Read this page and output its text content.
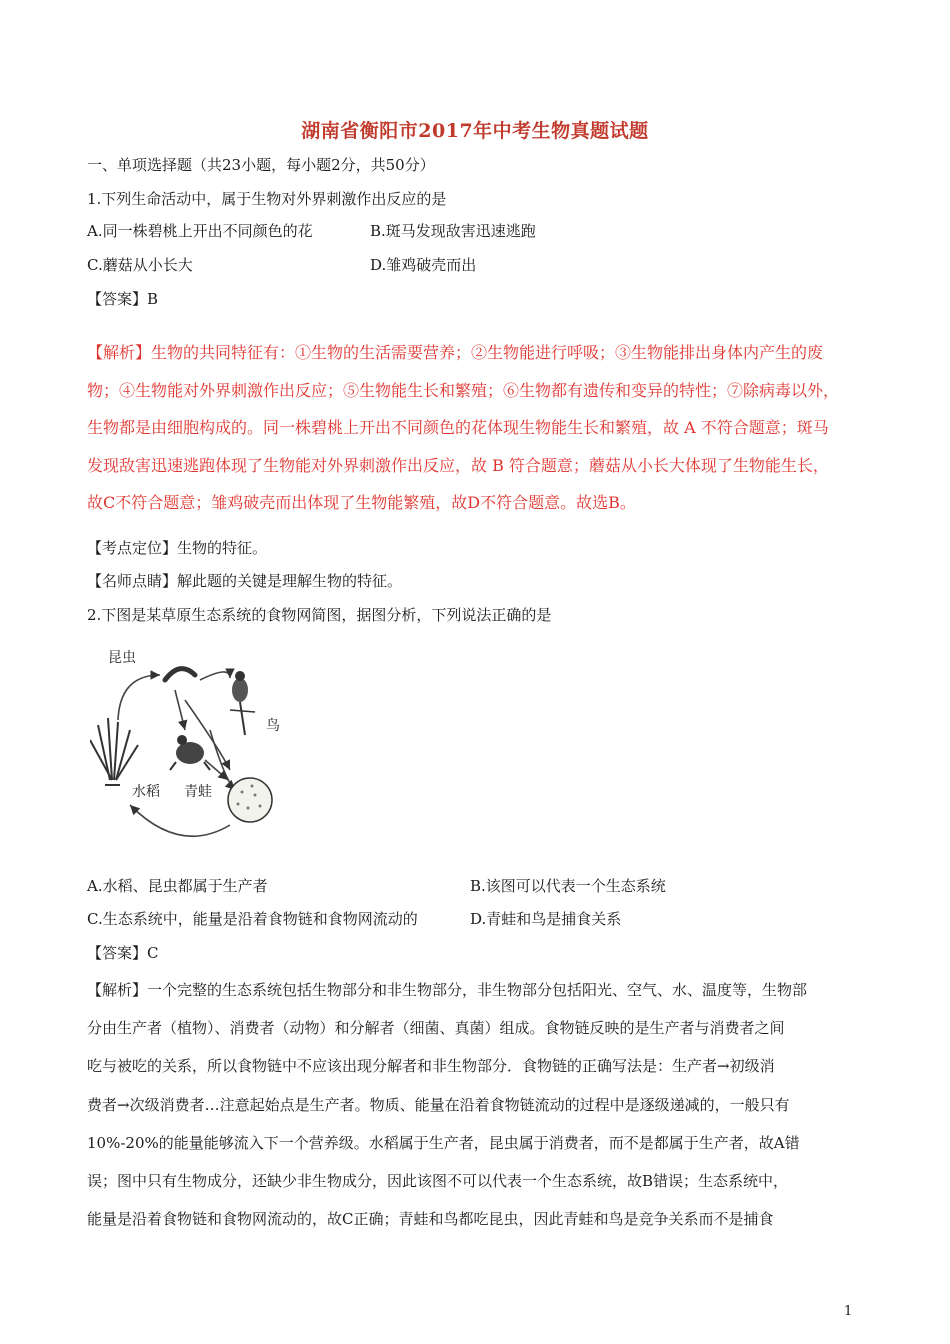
湖南省衡阳市2017年中考生物真题试题
一、单项选择题（共23小题，每小题2分，共50分）
1.下列生命活动中，属于生物对外界刺激作出反应的是
A.同一株碧桃上开出不同颜色的花	B.斑马发现敌害迅速逃跑
C.蘑菇从小长大	D.雏鸡破壳而出
【答案】B

【解析】生物的共同特征有：①生物的生活需要营养；②生物能进行呼吸；③生物能排出身体内产生的废

物；④生物能对外界刺激作出反应；⑤生物能生长和繁殖；⑥生物都有遗传和变异的特性；⑦除病毒以外，

生物都是由细胞构成的。同一株碧桃上开出不同颜色的花体现生物能生长和繁殖，故 A 不符合题意；斑马

发现敌害迅速逃跑体现了生物能对外界刺激作出反应，故 B 符合题意；蘑菇从小长大体现了生物能生长，

故C不符合题意；雏鸡破壳而出体现了生物能繁殖，故D不符合题意。故选B。

【考点定位】生物的特征。
【名师点睛】解此题的关键是理解生物的特征。
2.下图是某草原生态系统的食物网简图，据图分析，下列说法正确的是
昆虫
鸟
水稻 青蛙
A.水稻、昆虫都属于生产者	B.该图可以代表一个生态系统
C.生态系统中，能量是沿着食物链和食物网流动的	D.青蛙和鸟是捕食关系
【答案】C

【解析】一个完整的生态系统包括生物部分和非生物部分，非生物部分包括阳光、空气、水、温度等，生物部

分由生产者（植物）、消费者（动物）和分解者（细菌、真菌）组成。食物链反映的是生产者与消费者之间

吃与被吃的关系，所以食物链中不应该出现分解者和非生物部分．食物链的正确写法是：生产者→初级消

费者→次级消费者…注意起始点是生产者。物质、能量在沿着食物链流动的过程中是逐级递减的，一般只有

10%-20%的能量能够流入下一个营养级。水稻属于生产者，昆虫属于消费者，而不是都属于生产者，故A错

误；图中只有生物成分，还缺少非生物成分，因此该图不可以代表一个生态系统，故B错误；生态系统中，

能量是沿着食物链和食物网流动的，故C正确；青蛙和鸟都吃昆虫，因此青蛙和鸟是竞争关系而不是捕食

1
